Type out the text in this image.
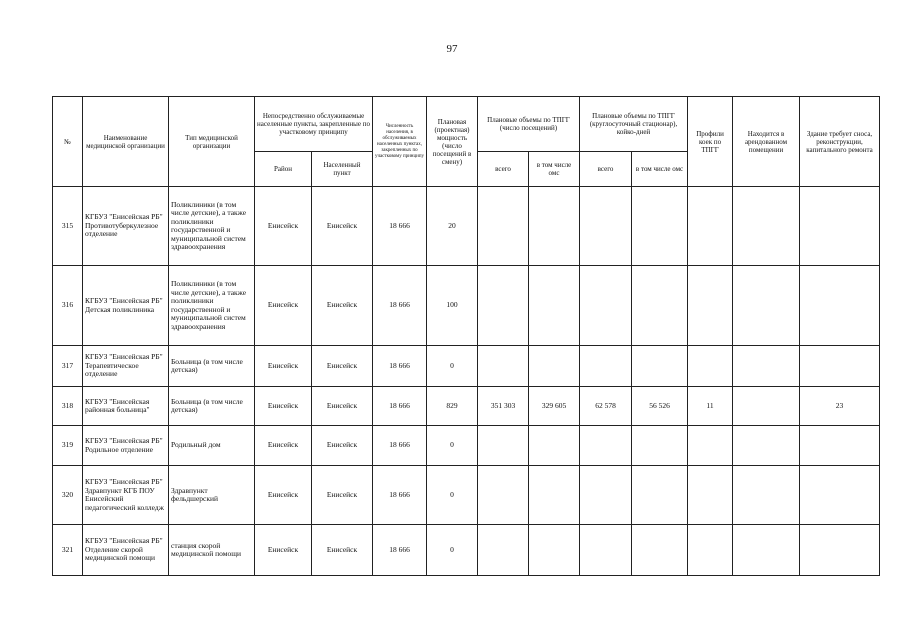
97
№	Наименование медицинской организации	Тип медицинской организации	Непосредственно обслуживаемые населенные пункты, закрепленные по участковому принципу		Численность населения, в обслуживаемых населенных пунктах, закрепленных по участковому принципу	Плановая (проектная) мощность (число посещений в смену)	Плановые объемы по ТПГГ (число посещений)		Плановые объемы по ТПГГ (круглосуточный стационар), койко-дней		Профили коек по ТПГГ	Находится в арендованном помещении	Здание требует сноса, реконструкции, капитального ремонта
			Район	Населенный пункт			всего	в том числе омс	всего	в том числе омс			
315	КГБУЗ "Енисейская РБ" Противотуберкулезное отделение	Поликлиники (в том числе детские), а также поликлиники государственной и муниципальной систем здравоохранения	Енисейск	Енисейск	18 666	20							
316	КГБУЗ "Енисейская РБ" Детская поликлиника	Поликлиники (в том числе детские), а также поликлиники государственной и муниципальной систем здравоохранения	Енисейск	Енисейск	18 666	100							
317	КГБУЗ "Енисейская РБ" Терапевтическое отделение	Больница (в том числе детская)	Енисейск	Енисейск	18 666	0							
318	КГБУЗ "Енисейская районная больница"	Больница (в том числе детская)	Енисейск	Енисейск	18 666	829	351 303	329 605	62 578	56 526	11		23
319	КГБУЗ "Енисейская РБ" Родильное отделение	Родильный дом	Енисейск	Енисейск	18 666	0							
320	КГБУЗ "Енисейская РБ" Здравпункт КГБ ПОУ Енисейский педагогический колледж	Здравпункт фельдшерский	Енисейск	Енисейск	18 666	0							
321	КГБУЗ "Енисейская РБ" Отделение скорой медицинской помощи	станция скорой медицинской помощи	Енисейск	Енисейск	18 666	0							
